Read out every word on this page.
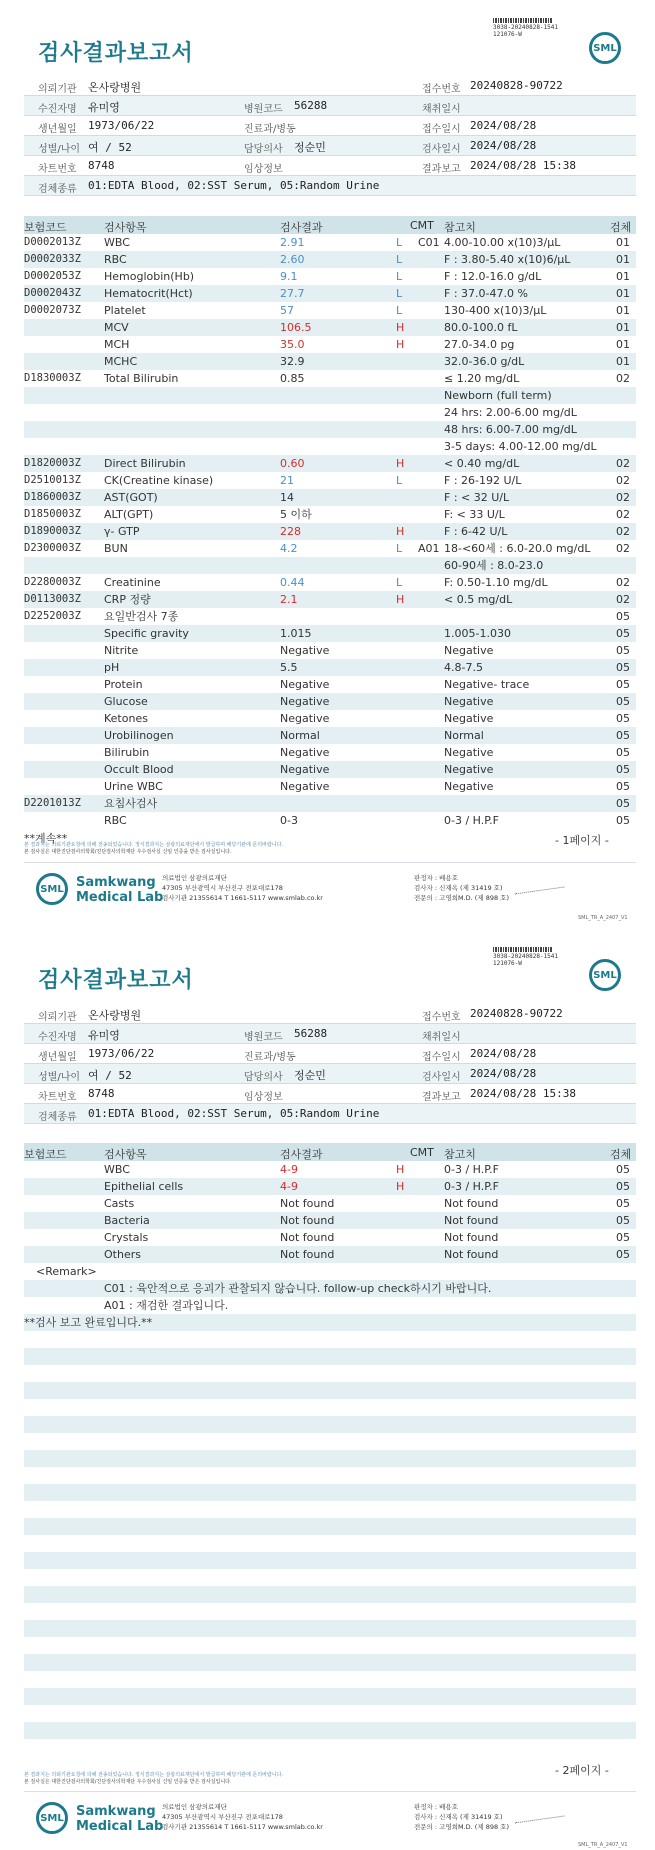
검사결과보고서
3038-20240828-1541
121076-W
SML
의뢰기관 온사랑병원	접수번호 20240828-90722
수진자명 유미영	병원코드 56288	채취일시
생년월일 1973/06/22	진료과/병동	접수일시 2024/08/28
성별/나이 여 / 52	담당의사 정순민	검사일시 2024/08/28
차트번호 8748	임상정보	결과보고 2024/08/28 15:38
검체종류 01:EDTA Blood, 02:SST Serum, 05:Random Urine
보험코드	검사항목	검사결과	CMT 참고치	검체
D0002013Z WBC	2.91	L C01 4.00-10.00 x(10)3/μL	01
D0002033Z RBC	2.60	L	F : 3.80-5.40 x(10)6/μL	01
D0002053Z Hemoglobin(Hb)	9.1	L	F : 12.0-16.0 g/dL	01
D0002043Z Hematocrit(Hct)	27.7	L	F : 37.0-47.0 %	01
D0002073Z Platelet	57	L	130-400 x(10)3/μL	01
MCV	106.5	H	80.0-100.0 fL	01
MCH	35.0	H	27.0-34.0 pg	01
MCHC	32.9	32.0-36.0 g/dL	01
D1830003Z Total Bilirubin	0.85	≤ 1.20 mg/dL	02
Newborn (full term)
24 hrs: 2.00-6.00 mg/dL
48 hrs: 6.00-7.00 mg/dL
3-5 days: 4.00-12.00 mg/dL
D1820003Z Direct Bilirubin	0.60	H	< 0.40 mg/dL	02
D2510013Z CK(Creatine kinase)	21	L	F : 26-192 U/L	02
D1860003Z AST(GOT)	14	F : < 32 U/L	02
D1850003Z ALT(GPT)	5 이하	F: < 33 U/L	02
D1890003Z γ- GTP	228	H	F : 6-42 U/L	02
D2300003Z BUN	4.2	L A01 18-<60세 : 6.0-20.0 mg/dL 02
60-90세 : 8.0-23.0
D2280003Z Creatinine	0.44	L	F: 0.50-1.10 mg/dL	02
D0113003Z CRP 정량	2.1	H	< 0.5 mg/dL	02
D2252003Z 요일반검사 7종	05
Specific gravity	1.015	1.005-1.030	05
Nitrite	Negative	Negative	05
pH	5.5	4.8-7.5	05
Protein	Negative	Negative- trace	05
Glucose	Negative	Negative	05
Ketones	Negative	Negative	05
Urobilinogen	Normal	Normal	05
Bilirubin	Negative	Negative	05
Occult Blood	Negative	Negative	05
Urine WBC	Negative	Negative	05
D2201013Z 요침사검사	05
RBC	0-3	0-3 / H.P.F	05
**계속**	- 1페이지 -
본 결과지는 의뢰기관요청에 의해 전송되었습니다. 정식결과지는 삼광의료재단에서 발급하며 해당기관에 문의바랍니다.
본 검사실은 대한진단검사의학회/진단검사의학재단 우수검사실 신임 인증을 받은 검사실입니다.
SML Samkwang
Medical Lab
의료법인 삼광의료재단
47305 부산광역시 부산진구 전포대로178
검사기관 21355614 T 1661-5117 www.smlab.co.kr
판정자 : 배용호
검사자 : 신재옥 (제 31419 호)
전문의 : 고영희M.D. (제 898 호)
SML_TR_A_2407_V1
검사결과보고서
3038-20240828-1541
121076-W
SML
의뢰기관 온사랑병원	접수번호 20240828-90722
수진자명 유미영	병원코드 56288	채취일시
생년월일 1973/06/22	진료과/병동	접수일시 2024/08/28
성별/나이 여 / 52	담당의사 정순민	검사일시 2024/08/28
차트번호 8748	임상정보	결과보고 2024/08/28 15:38
검체종류 01:EDTA Blood, 02:SST Serum, 05:Random Urine
보험코드	검사항목	검사결과	CMT 참고치	검체
WBC	4-9	H	0-3 / H.P.F	05
Epithelial cells	4-9	H	0-3 / H.P.F	05
Casts	Not found	Not found	05
Bacteria	Not found	Not found	05
Crystals	Not found	Not found	05
Others	Not found	Not found	05
<Remark>
C01 : 육안적으로 응괴가 관찰되지 않습니다. follow-up check하시기 바랍니다.
A01 : 재검한 결과입니다.
**검사 보고 완료입니다.**
- 2페이지 -
본 결과지는 의뢰기관요청에 의해 전송되었습니다. 정식결과지는 삼광의료재단에서 발급하며 해당기관에 문의바랍니다.
본 검사실은 대한진단검사의학회/진단검사의학재단 우수검사실 신임 인증을 받은 검사실입니다.
SML Samkwang
Medical Lab
의료법인 삼광의료재단
47305 부산광역시 부산진구 전포대로178
검사기관 21355614 T 1661-5117 www.smlab.co.kr
판정자 : 배용호
검사자 : 신재옥 (제 31419 호)
전문의 : 고영희M.D. (제 898 호)
SML_TR_A_2407_V1
